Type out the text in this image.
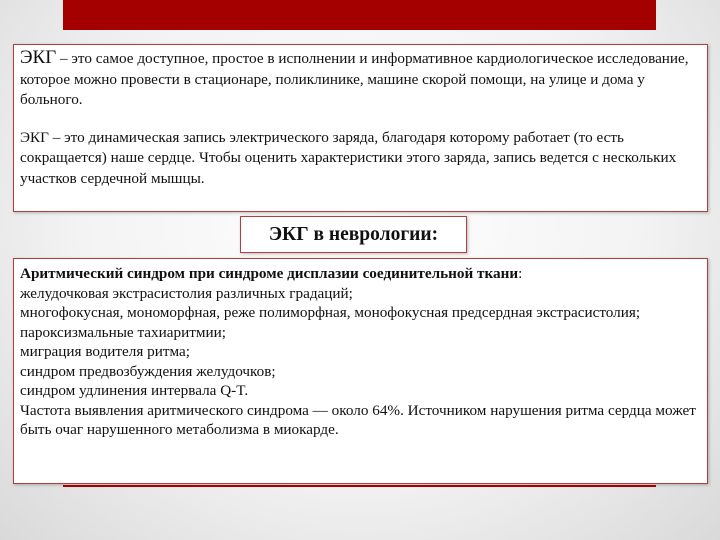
ЭКГ – это самое доступное, простое в исполнении и информативное кардиологическое исследование, которое можно провести в стационаре, поликлинике, машине скорой помощи, на улице и дома у больного.

ЭКГ – это динамическая запись электрического заряда, благодаря которому работает (то есть сокращается) наше сердце. Чтобы оценить характеристики этого заряда, запись ведется с нескольких участков сердечной мышцы.

ЭКГ в неврологии:

Аритмический синдром при синдроме дисплазии соединительной ткани:

желудочковая экстрасистолия различных градаций;

многофокусная, мономорфная, реже полиморфная, монофокусная предсердная экстрасистолия;

пароксизмальные тахиаритмии;

миграция водителя ритма;

синдром предвозбуждения желудочков;

синдром удлинения интервала Q-T.

Частота выявления аритмического синдрома — около 64%. Источником нарушения ритма сердца может быть очаг нарушенного метаболизма в миокарде.
